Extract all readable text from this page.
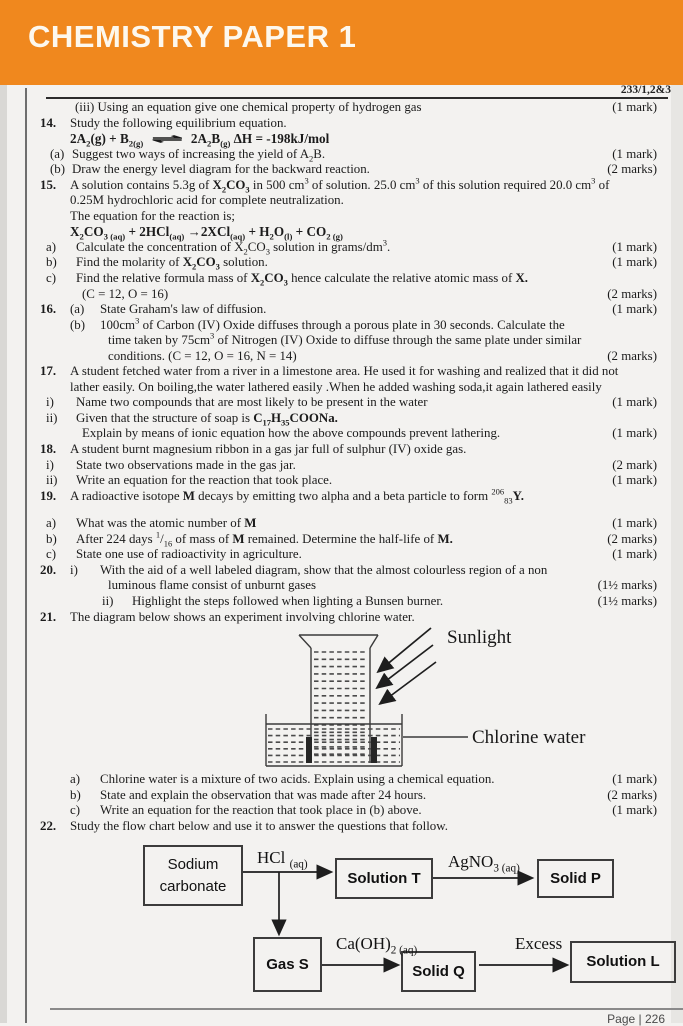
CHEMISTRY PAPER 1
233/1,2&3
(iii) Using an equation give one chemical property of hydrogen gas	(1 mark)
14.	Study the following equilibrium equation.
$2A_2(g) + B_{2(g)}$ ⇌ $2A_2B_{(g)}$ ΔH = -198kJ/mol
(a) Suggest two ways of increasing the yield of $A_2B$.	(1 mark)
(b) Draw the energy level diagram for the backward reaction.	(2 marks)
15.	A solution contains 5.3g of $X_2CO_3$ in 500 $cm^3$ of solution. 25.0 $cm^3$ of this solution required 20.0 $cm^3$ of
0.25M hydrochloric acid for complete neutralization.
The equation for the reaction is;
$X_2CO_{3 (aq)} + 2HCl_{(aq)} \to 2XCl_{(aq)} + H_2O_{(l)} + CO_{2 (g)}$
a)	Calculate the concentration of $X_2CO_3$ solution in grams/$dm^3$.	(1 mark)
b)	Find the molarity of $X_2CO_3$ solution.	(1 mark)
c)	Find the relative formula mass of $X_2CO_3$ hence calculate the relative atomic mass of X.
(C = 12, O = 16)	(2 marks)
16.	(a)	State Graham's law of diffusion.	(1 mark)
(b)	$100cm^3$ of Carbon (IV) Oxide diffuses through a porous plate in 30 seconds. Calculate the
time taken by $75cm^3$ of Nitrogen (IV) Oxide to diffuse through the same plate under similar
conditions. (C = 12, O = 16, N = 14)	(2 marks)
17.	A student fetched water from a river in a limestone area. He used it for washing and realized that it did not
lather easily. On boiling,the water lathered easily .When he added washing soda,it again lathered easily
i)	Name two compounds that are most likely to be present in the water	(1 mark)
ii)	Given that the structure of soap is $C_{17}H_{35}COONa$.
Explain by means of ionic equation how the above compounds prevent lathering.	(1 mark)
18.	A student burnt magnesium ribbon in a gas jar full of sulphur (IV) oxide gas.
i)	State two observations made in the gas jar.	(2 mark)
ii)	Write an equation for the reaction that took place.	(1 mark)
19.	A radioactive isotope M decays by emitting two alpha and a beta particle to form $^{206}_{83}$Y.
a)	What was the atomic number of M	(1 mark)
b)	After 224 days $^1/_{16}$ of mass of M remained. Determine the half-life of M.	(2 marks)
c)	State one use of radioactivity in agriculture.	(1 mark)
20.	i)	With the aid of a well labeled diagram, show that the almost colourless region of a non
luminous flame consist of unburnt gases	(1½ marks)
ii)	Highlight the steps followed when lighting a Bunsen burner.	(1½ marks)
21.	The diagram below shows an experiment involving chlorine water.
Sunlight
Chlorine water
a)	Chlorine water is a mixture of two acids. Explain using a chemical equation.	(1 mark)
b)	State and explain the observation that was made after 24 hours.	(2 marks)
c)	Write an equation for the reaction that took place in (b) above.	(1 mark)
22.	Study the flow chart below and use it to answer the questions that follow.
Sodium carbonate	Solution T	Solid P
Gas S	Solid Q
Solution L
HCl $_{(aq)}$	AgNO$_{3 (aq)}$
$Ca(OH)_{2 (aq)}$	Excess
Page | 226
